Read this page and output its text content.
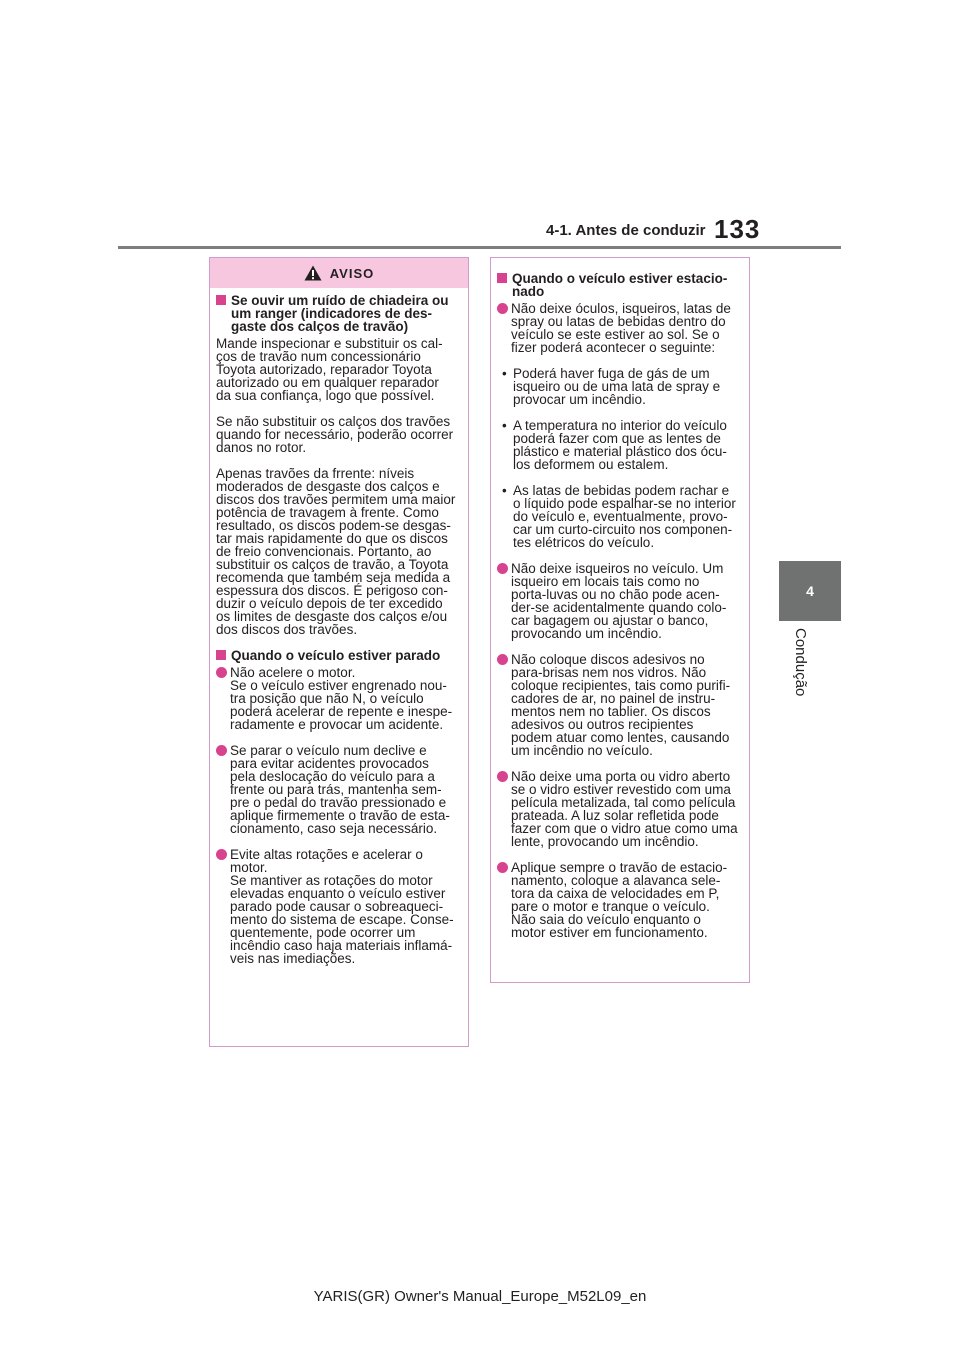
4-1. Antes de conduzir 133
4
Condução
AVISO
Se ouvir um ruído de chiadeira ou
um ranger (indicadores de des-
gaste dos calços de travão)
Mande inspecionar e substituir os cal-
ços de travão num concessionário
Toyota autorizado, reparador Toyota
autorizado ou em qualquer reparador
da sua confiança, logo que possível.
Se não substituir os calços dos travões
quando for necessário, poderão ocorrer
danos no rotor.
Apenas travões da frrente: níveis
moderados de desgaste dos calços e
discos dos travões permitem uma maior
potência de travagem à frente. Como
resultado, os discos podem-se desgas-
tar mais rapidamente do que os discos
de freio convencionais. Portanto, ao
substituir os calços de travão, a Toyota
recomenda que também seja medida a
espessura dos discos. É perigoso con-
duzir o veículo depois de ter excedido
os limites de desgaste dos calços e/ou
dos discos dos travões.
Quando o veículo estiver parado
Não acelere o motor.
Se o veículo estiver engrenado nou-
tra posição que não N, o veículo
poderá acelerar de repente e inespe-
radamente e provocar um acidente.
Se parar o veículo num declive e
para evitar acidentes provocados
pela deslocação do veículo para a
frente ou para trás, mantenha sem-
pre o pedal do travão pressionado e
aplique firmemente o travão de esta-
cionamento, caso seja necessário.
Evite altas rotações e acelerar o
motor.
Se mantiver as rotações do motor
elevadas enquanto o veículo estiver
parado pode causar o sobreaqueci-
mento do sistema de escape. Conse-
quentemente, pode ocorrer um
incêndio caso haja materiais inflamá-
veis nas imediações.
Quando o veículo estiver estacio-
nado
Não deixe óculos, isqueiros, latas de
spray ou latas de bebidas dentro do
veículo se este estiver ao sol. Se o
fizer poderá acontecer o seguinte:
• Poderá haver fuga de gás de um
isqueiro ou de uma lata de spray e
provocar um incêndio.
• A temperatura no interior do veículo
poderá fazer com que as lentes de
plástico e material plástico dos ócu-
los deformem ou estalem.
• As latas de bebidas podem rachar e
o líquido pode espalhar-se no interior
do veículo e, eventualmente, provo-
car um curto-circuito nos componen-
tes elétricos do veículo.
Não deixe isqueiros no veículo. Um
isqueiro em locais tais como no
porta-luvas ou no chão pode acen-
der-se acidentalmente quando colo-
car bagagem ou ajustar o banco,
provocando um incêndio.
Não coloque discos adesivos no
para-brisas nem nos vidros. Não
coloque recipientes, tais como purifi-
cadores de ar, no painel de instru-
mentos nem no tablier. Os discos
adesivos ou outros recipientes
podem atuar como lentes, causando
um incêndio no veículo.
Não deixe uma porta ou vidro aberto
se o vidro estiver revestido com uma
película metalizada, tal como película
prateada. A luz solar refletida pode
fazer com que o vidro atue como uma
lente, provocando um incêndio.
Aplique sempre o travão de estacio-
namento, coloque a alavanca sele-
tora da caixa de velocidades em P,
pare o motor e tranque o veículo.
Não saia do veículo enquanto o
motor estiver em funcionamento.
YARIS(GR) Owner's Manual_Europe_M52L09_en
